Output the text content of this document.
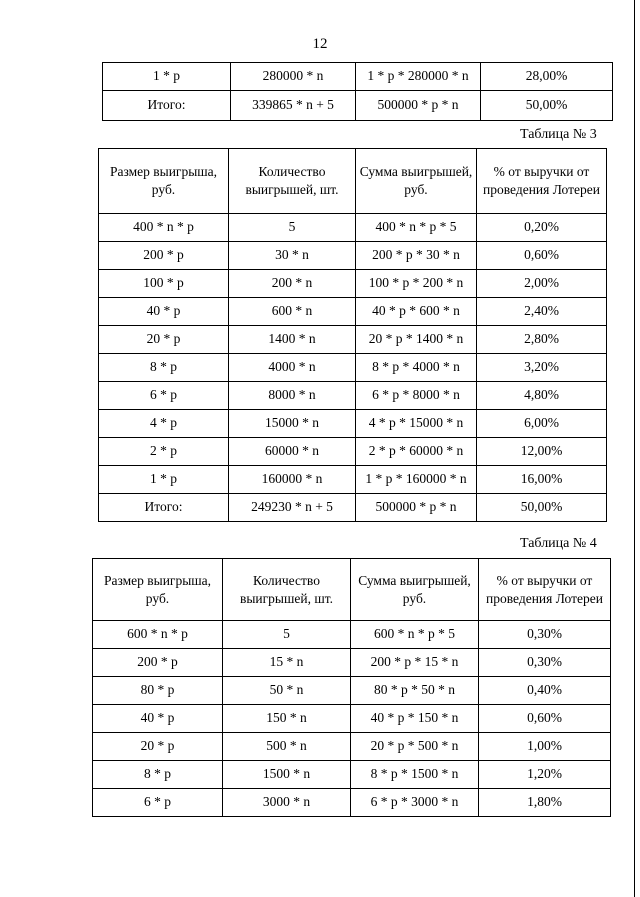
12
1 * p	280000 * n	1 * p * 280000 * n	28,00%
Итого:	339865 * n + 5	500000 * p * n	50,00%
Таблица № 3
Размер выигрыша, руб.	Количество выигрышей, шт.	Сумма выигрышей, руб.	% от выручки от проведения Лотереи
400 * n * p	5	400 * n * p * 5	0,20%
200 * p	30 * n	200 * p * 30 * n	0,60%
100 * p	200 * n	100 * p * 200 * n	2,00%
40 * p	600 * n	40 * p * 600 * n	2,40%
20 * p	1400 * n	20 * p * 1400 * n	2,80%
8 * p	4000 * n	8 * p * 4000 * n	3,20%
6 * p	8000 * n	6 * p * 8000 * n	4,80%
4 * p	15000 * n	4 * p * 15000 * n	6,00%
2 * p	60000 * n	2 * p * 60000 * n	12,00%
1 * p	160000 * n	1 * p * 160000 * n	16,00%
Итого:	249230 * n + 5	500000 * p * n	50,00%
Таблица № 4
Размер выигрыша, руб.	Количество выигрышей, шт.	Сумма выигрышей, руб.	% от выручки от проведения Лотереи
600 * n * p	5	600 * n * p * 5	0,30%
200 * p	15 * n	200 * p * 15 * n	0,30%
80 * p	50 * n	80 * p * 50 * n	0,40%
40 * p	150 * n	40 * p * 150 * n	0,60%
20 * p	500 * n	20 * p * 500 * n	1,00%
8 * p	1500 * n	8 * p * 1500 * n	1,20%
6 * p	3000 * n	6 * p * 3000 * n	1,80%
